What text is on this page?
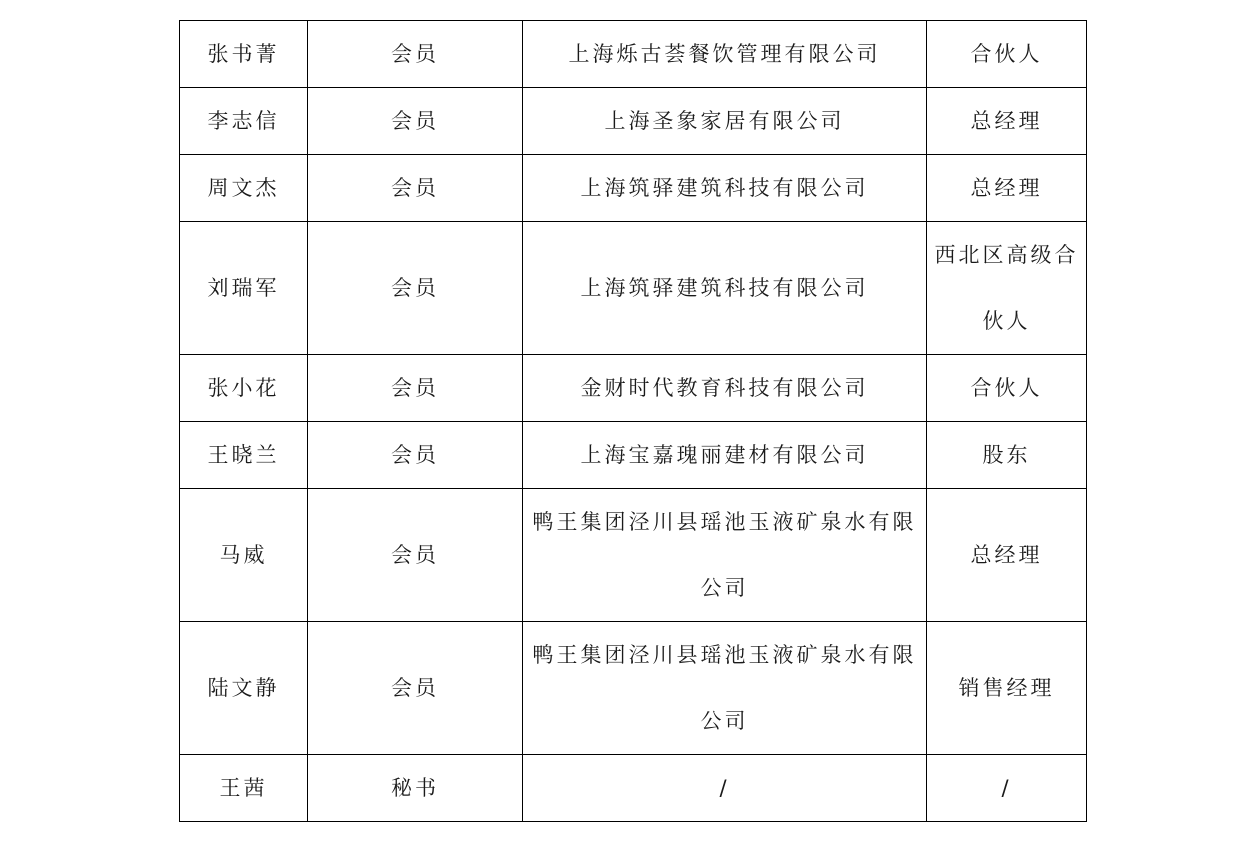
张书菁	会员	上海烁古荟餐饮管理有限公司	合伙人
李志信	会员	上海圣象家居有限公司	总经理
周文杰	会员	上海筑驿建筑科技有限公司	总经理
刘瑞军	会员	上海筑驿建筑科技有限公司	西北区高级合伙人
张小花	会员	金财时代教育科技有限公司	合伙人
王晓兰	会员	上海宝嘉瑰丽建材有限公司	股东
马威	会员	鸭王集团泾川县瑶池玉液矿泉水有限公司	总经理
陆文静	会员	鸭王集团泾川县瑶池玉液矿泉水有限公司	销售经理
王茜	秘书	/	/
